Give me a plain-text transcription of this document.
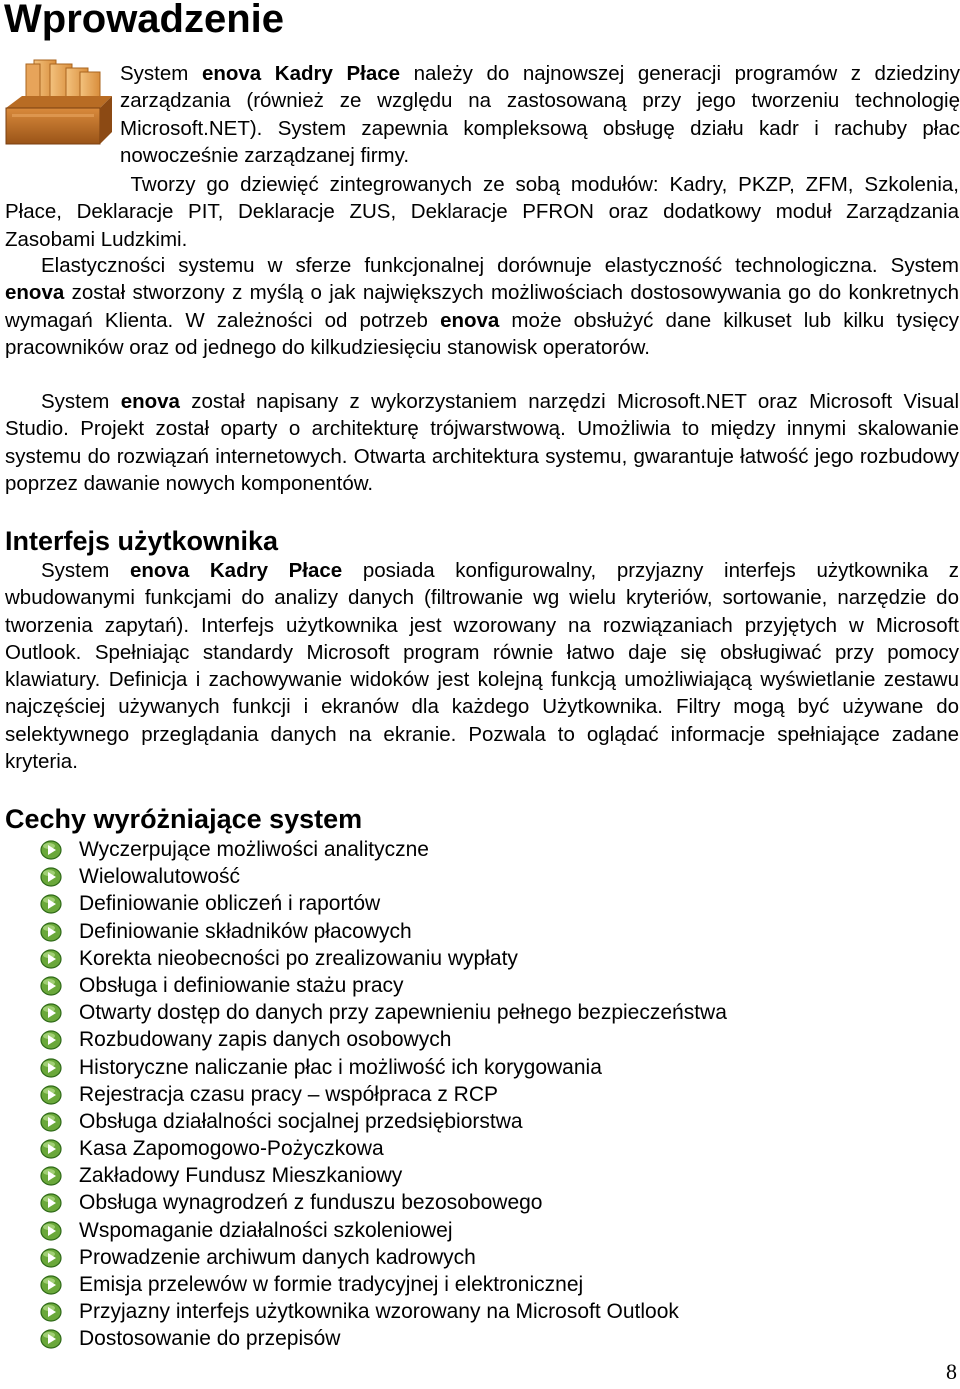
Wprowadzenie

System enova Kadry Płace należy do najnowszej generacji programów z dziedziny zarządzania (również ze względu na zastosowaną przy jego tworzeniu technologię Microsoft.NET). System zapewnia kompleksową obsługę działu kadr i rachuby płac nowocześnie zarządzanej firmy.

Tworzy go dziewięć zintegrowanych ze sobą modułów: Kadry, PKZP, ZFM, Szkolenia, Płace, Deklaracje PIT, Deklaracje ZUS, Deklaracje PFRON oraz dodatkowy moduł Zarządzania Zasobami Ludzkimi.

Elastyczności systemu w sferze funkcjonalnej dorównuje elastyczność technologiczna. System enova został stworzony z myślą o jak największych możliwościach dostosowywania go do konkretnych wymagań Klienta. W zależności od potrzeb enova może obsłużyć dane kilkuset lub kilku tysięcy pracowników oraz od jednego do kilkudziesięciu stanowisk operatorów.

System enova został napisany z wykorzystaniem narzędzi Microsoft.NET oraz Microsoft Visual Studio. Projekt został oparty o architekturę trójwarstwową. Umożliwia to między innymi skalowanie systemu do rozwiązań internetowych. Otwarta architektura systemu, gwarantuje łatwość jego rozbudowy poprzez dawanie nowych komponentów.

Interfejs użytkownika

System enova Kadry Płace posiada konfigurowalny, przyjazny interfejs użytkownika z wbudowanymi funkcjami do analizy danych (filtrowanie wg wielu kryteriów, sortowanie, narzędzie do tworzenia zapytań). Interfejs użytkownika jest wzorowany na rozwiązaniach przyjętych w Microsoft Outlook. Spełniając standardy Microsoft program równie łatwo daje się obsługiwać przy pomocy klawiatury. Definicja i zachowywanie widoków jest kolejną funkcją umożliwiającą wyświetlanie zestawu najczęściej używanych funkcji i ekranów dla każdego Użytkownika. Filtry mogą być używane do selektywnego przeglądania danych na ekranie. Pozwala to oglądać informacje spełniające zadane kryteria.

Cechy wyróżniające system
Wyczerpujące możliwości analityczne
Wielowalutowość
Definiowanie obliczeń i raportów
Definiowanie składników płacowych
Korekta nieobecności po zrealizowaniu wypłaty
Obsługa i definiowanie stażu pracy
Otwarty dostęp do danych przy zapewnieniu pełnego bezpieczeństwa
Rozbudowany zapis danych osobowych
Historyczne naliczanie płac i możliwość ich korygowania
Rejestracja czasu pracy – współpraca z RCP
Obsługa działalności socjalnej przedsiębiorstwa
Kasa Zapomogowo-Pożyczkowa
Zakładowy Fundusz Mieszkaniowy
Obsługa wynagrodzeń z funduszu bezosobowego
Wspomaganie działalności szkoleniowej
Prowadzenie archiwum danych kadrowych
Emisja przelewów w formie tradycyjnej i elektronicznej
Przyjazny interfejs użytkownika wzorowany na Microsoft Outlook
Dostosowanie do przepisów
8
